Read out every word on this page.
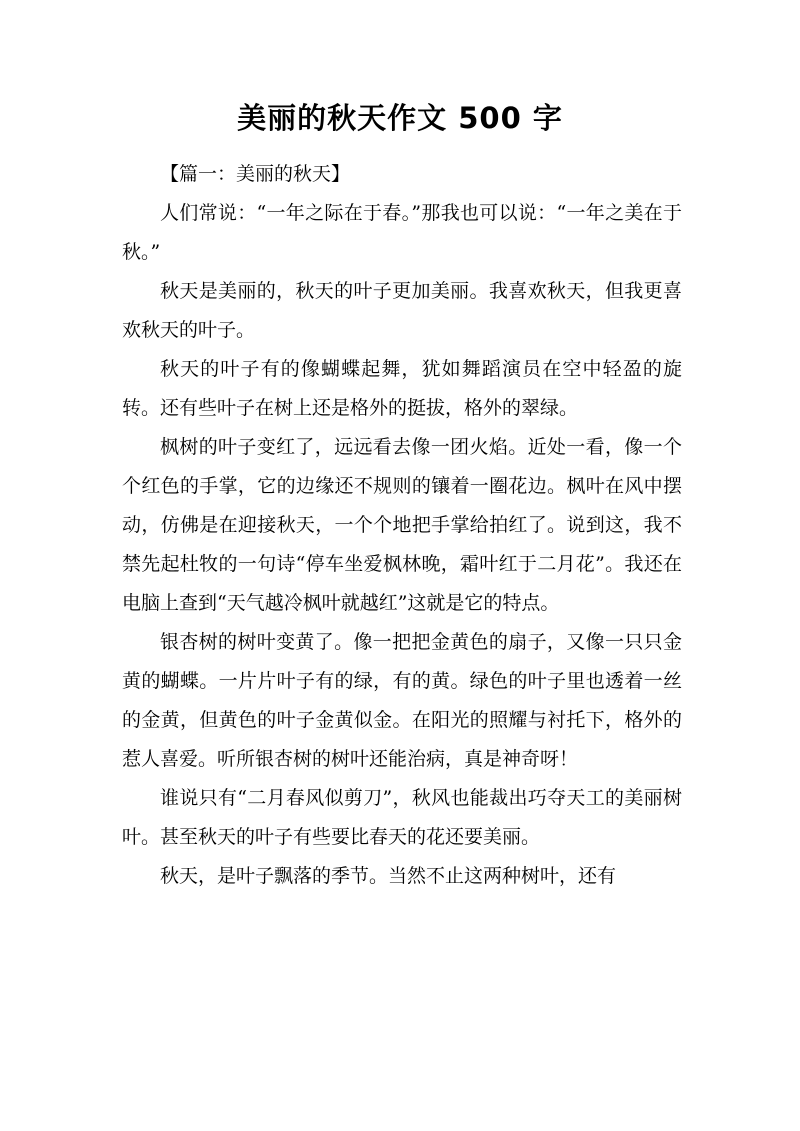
美丽的秋天作文 500 字

【篇一：美丽的秋天】

人们常说：“一年之际在于春。”那我也可以说：“一年之美在于秋。”

秋天是美丽的，秋天的叶子更加美丽。我喜欢秋天，但我更喜欢秋天的叶子。

秋天的叶子有的像蝴蝶起舞，犹如舞蹈演员在空中轻盈的旋转。还有些叶子在树上还是格外的挺拔，格外的翠绿。

枫树的叶子变红了，远远看去像一团火焰。近处一看，像一个个红色的手掌，它的边缘还不规则的镶着一圈花边。枫叶在风中摆动，仿佛是在迎接秋天，一个个地把手掌给拍红了。说到这，我不禁先起杜牧的一句诗“停车坐爱枫林晚，霜叶红于二月花”。我还在电脑上查到“天气越冷枫叶就越红”这就是它的特点。

银杏树的树叶变黄了。像一把把金黄色的扇子，又像一只只金黄的蝴蝶。一片片叶子有的绿，有的黄。绿色的叶子里也透着一丝的金黄，但黄色的叶子金黄似金。在阳光的照耀与衬托下，格外的惹人喜爱。听所银杏树的树叶还能治病，真是神奇呀！

谁说只有“二月春风似剪刀”，秋风也能裁出巧夺天工的美丽树叶。甚至秋天的叶子有些要比春天的花还要美丽。

秋天，是叶子飘落的季节。当然不止这两种树叶，还有
